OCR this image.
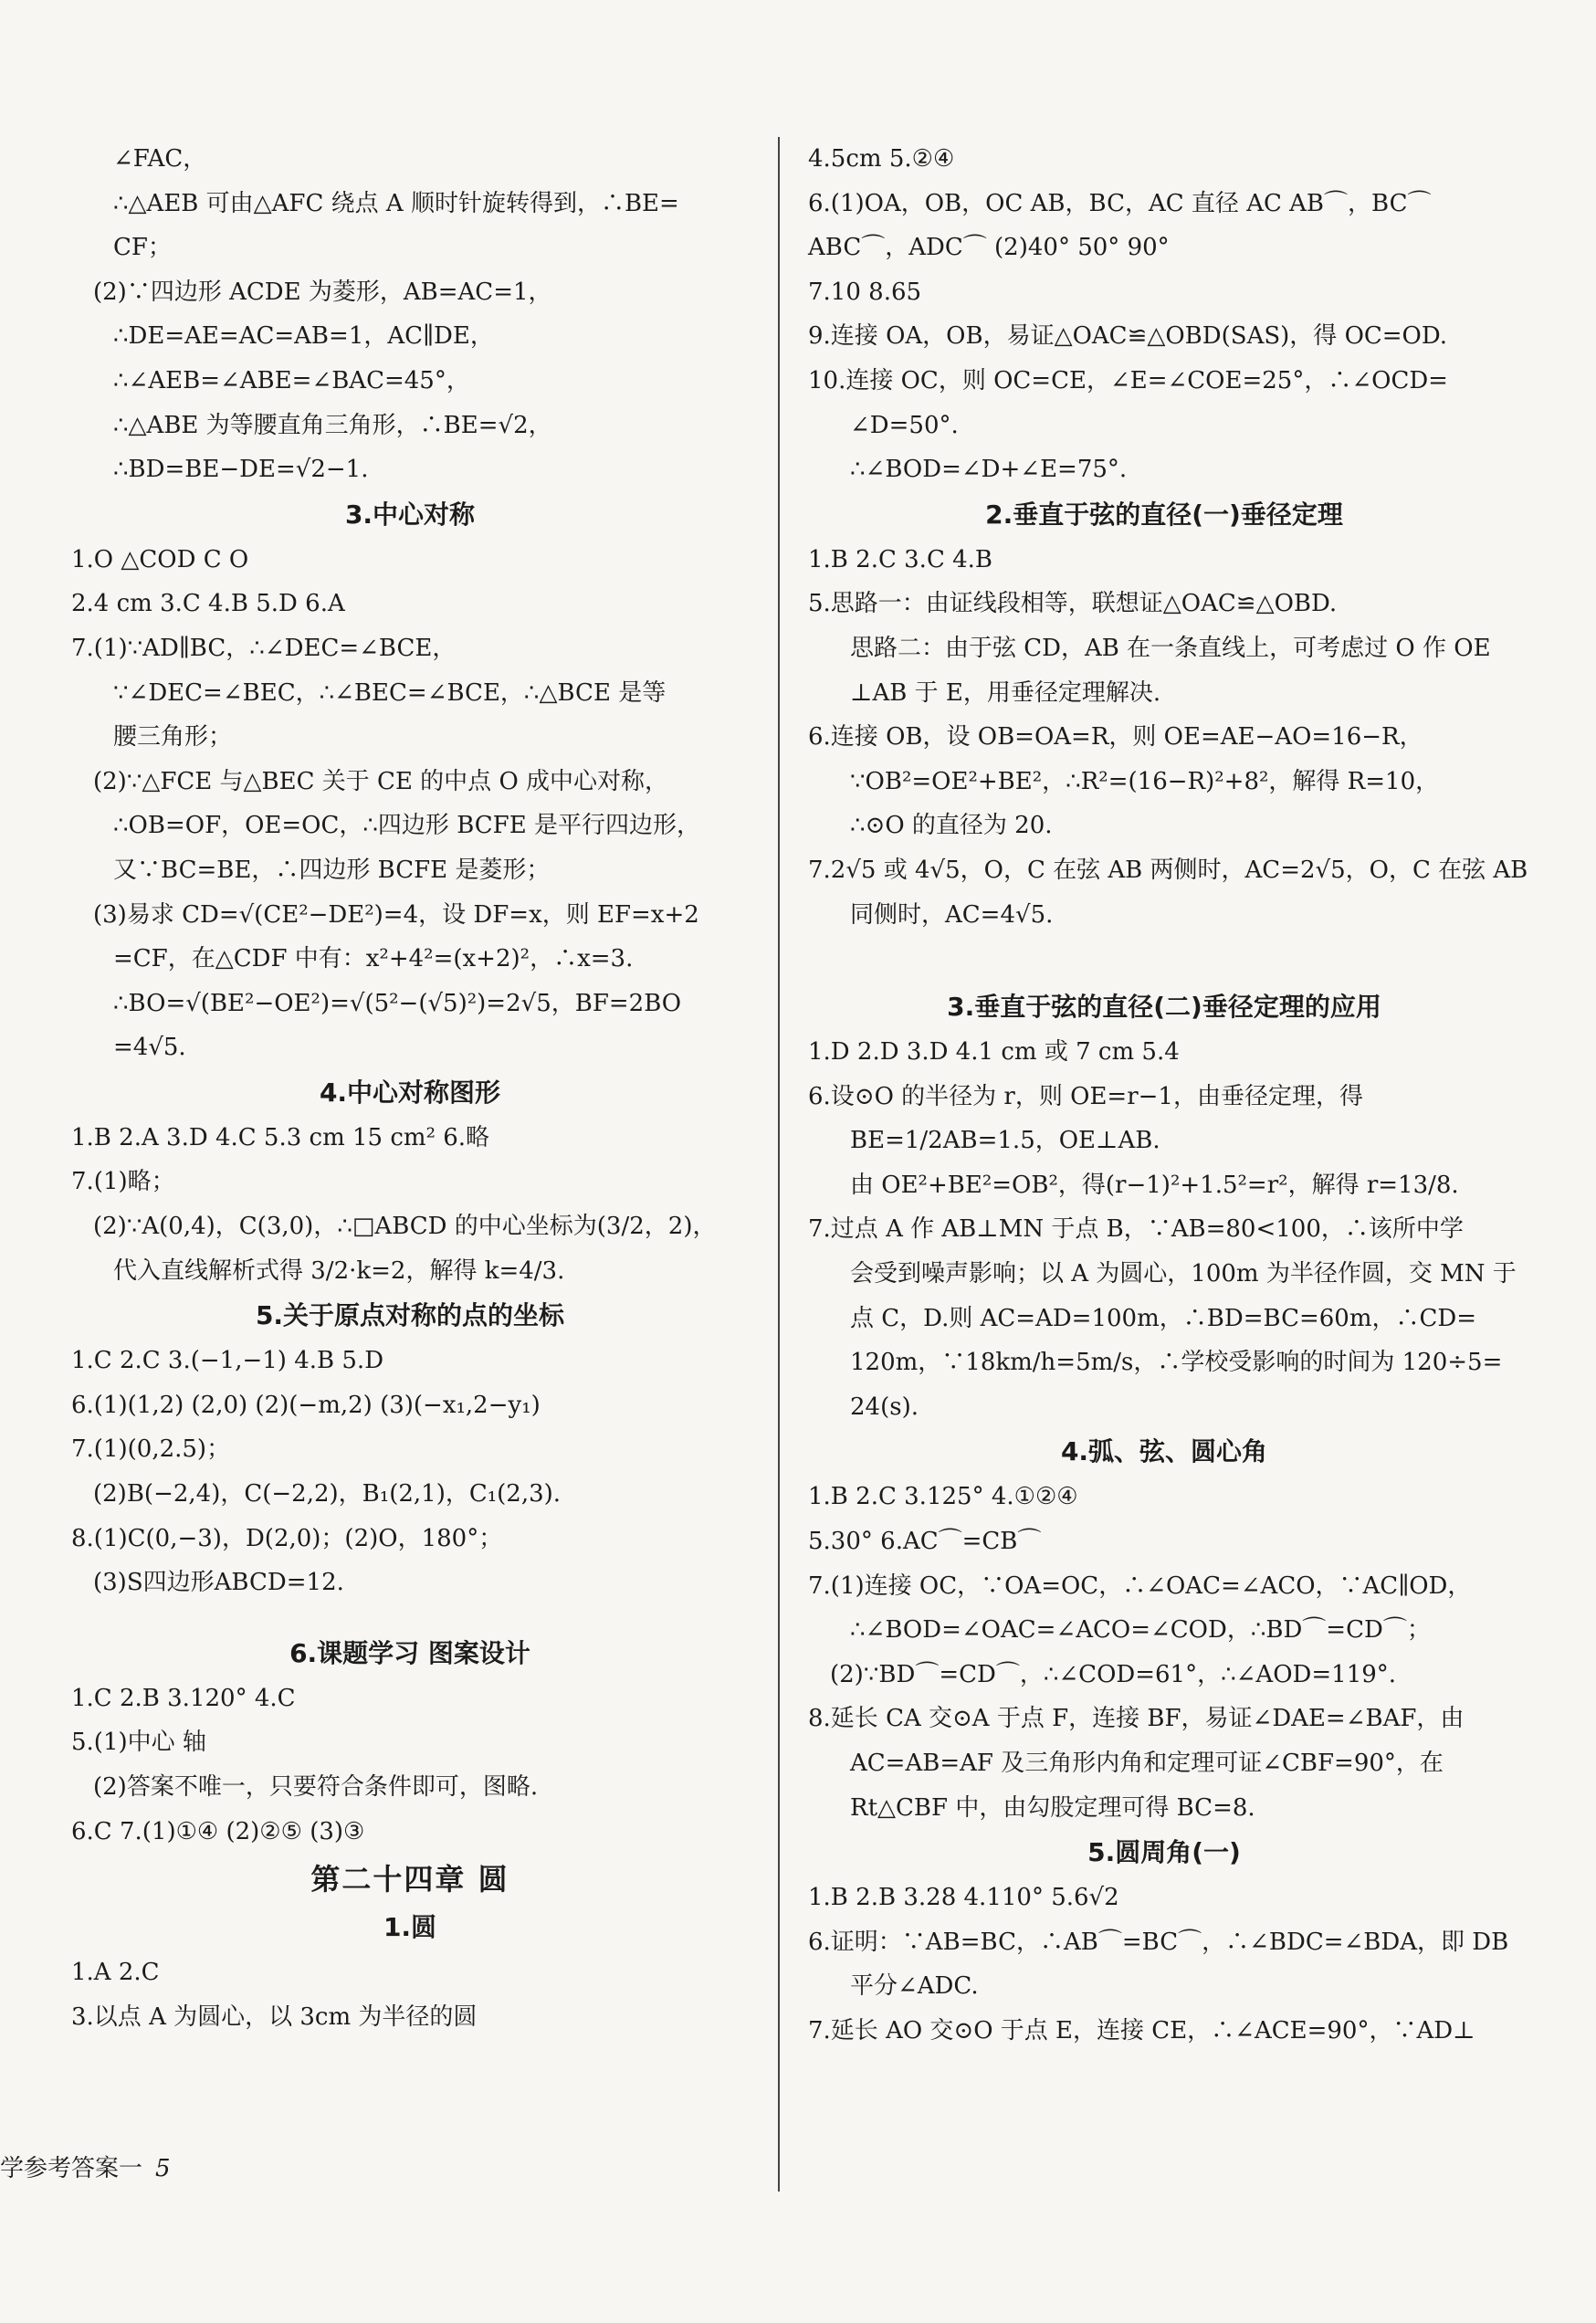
∠FAC，
∴△AEB 可由△AFC 绕点 A 顺时针旋转得到，∴BE=
CF；
(2)∵四边形 ACDE 为菱形，AB=AC=1，
∴DE=AE=AC=AB=1，AC∥DE，
∴∠AEB=∠ABE=∠BAC=45°，
∴△ABE 为等腰直角三角形，∴BE=√2，
∴BD=BE−DE=√2−1.
3.中心对称
1.O △COD C O
2.4 cm 3.C 4.B 5.D 6.A
7.(1)∵AD∥BC，∴∠DEC=∠BCE，
∵∠DEC=∠BEC，∴∠BEC=∠BCE，∴△BCE 是等
腰三角形；
(2)∵△FCE 与△BEC 关于 CE 的中点 O 成中心对称，
∴OB=OF，OE=OC，∴四边形 BCFE 是平行四边形，
又∵BC=BE，∴四边形 BCFE 是菱形；
(3)易求 CD=√(CE²−DE²)=4，设 DF=x，则 EF=x+2
=CF，在△CDF 中有：x²+4²=(x+2)²，∴x=3.
∴BO=√(BE²−OE²)=√(5²−(√5)²)=2√5，BF=2BO
=4√5.
4.中心对称图形
1.B 2.A 3.D 4.C 5.3 cm 15 cm² 6.略
7.(1)略；
(2)∵A(0,4)，C(3,0)，∴□ABCD 的中心坐标为(3/2，2)，
代入直线解析式得 3/2·k=2，解得 k=4/3.
5.关于原点对称的点的坐标
1.C 2.C 3.(−1,−1) 4.B 5.D
6.(1)(1,2) (2,0) (2)(−m,2) (3)(−x₁,2−y₁)
7.(1)(0,2.5)；
(2)B(−2,4)，C(−2,2)，B₁(2,1)，C₁(2,3).
8.(1)C(0,−3)，D(2,0)；(2)O，180°；
(3)S四边形ABCD=12.
6.课题学习 图案设计
1.C 2.B 3.120° 4.C
5.(1)中心 轴
(2)答案不唯一，只要符合条件即可，图略.
6.C 7.(1)①④ (2)②⑤ (3)③
第二十四章 圆
1.圆
1.A 2.C
3.以点 A 为圆心，以 3cm 为半径的圆
4.5cm 5.②④
6.(1)OA，OB，OC AB，BC，AC 直径 AC AB⌒，BC⌒
ABC⌒，ADC⌒ (2)40° 50° 90°
7.10 8.65
9.连接 OA，OB，易证△OAC≌△OBD(SAS)，得 OC=OD.
10.连接 OC，则 OC=CE，∠E=∠COE=25°，∴∠OCD=
∠D=50°.
∴∠BOD=∠D+∠E=75°.
2.垂直于弦的直径(一)垂径定理
1.B 2.C 3.C 4.B
5.思路一：由证线段相等，联想证△OAC≌△OBD.
思路二：由于弦 CD，AB 在一条直线上，可考虑过 O 作 OE
⊥AB 于 E，用垂径定理解决.
6.连接 OB，设 OB=OA=R，则 OE=AE−AO=16−R，
∵OB²=OE²+BE²，∴R²=(16−R)²+8²，解得 R=10，
∴⊙O 的直径为 20.
7.2√5 或 4√5，O，C 在弦 AB 两侧时，AC=2√5，O，C 在弦 AB
同侧时，AC=4√5.
3.垂直于弦的直径(二)垂径定理的应用
1.D 2.D 3.D 4.1 cm 或 7 cm 5.4
6.设⊙O 的半径为 r，则 OE=r−1，由垂径定理，得
BE=1/2AB=1.5，OE⊥AB.
由 OE²+BE²=OB²，得(r−1)²+1.5²=r²，解得 r=13/8.
7.过点 A 作 AB⊥MN 于点 B，∵AB=80<100，∴该所中学
会受到噪声影响；以 A 为圆心，100m 为半径作圆，交 MN 于
点 C，D.则 AC=AD=100m，∴BD=BC=60m，∴CD=
120m，∵18km/h=5m/s，∴学校受影响的时间为 120÷5=
24(s).
4.弧、弦、圆心角
1.B 2.C 3.125° 4.①②④
5.30° 6.AC⌒=CB⌒
7.(1)连接 OC，∵OA=OC，∴∠OAC=∠ACO，∵AC∥OD，
∴∠BOD=∠OAC=∠ACO=∠COD，∴BD⌒=CD⌒；
(2)∵BD⌒=CD⌒，∴∠COD=61°，∴∠AOD=119°.
8.延长 CA 交⊙A 于点 F，连接 BF，易证∠DAE=∠BAF，由
AC=AB=AF 及三角形内角和定理可证∠CBF=90°，在
Rt△CBF 中，由勾股定理可得 BC=8.
5.圆周角(一)
1.B 2.B 3.28 4.110° 5.6√2
6.证明：∵AB=BC，∴AB⌒=BC⌒，∴∠BDC=∠BDA，即 DB
平分∠ADC.
7.延长 AO 交⊙O 于点 E，连接 CE，∴∠ACE=90°，∵AD⊥
学参考答案一 5
